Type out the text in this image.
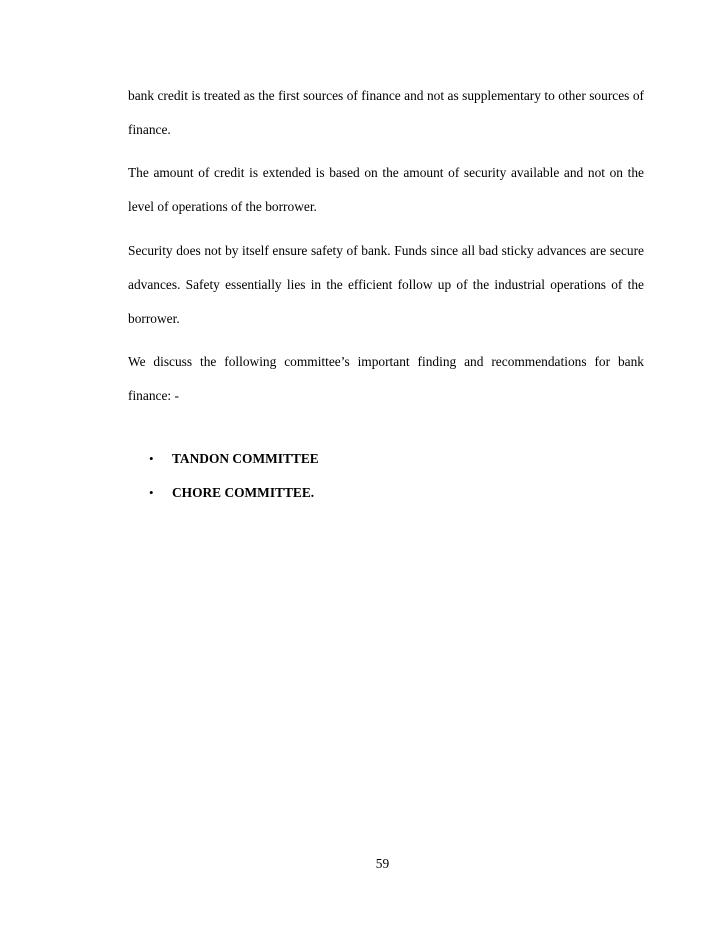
bank credit is treated as the first sources of finance and not as supplementary to other sources of finance.

The amount of credit is extended is based on the amount of security available and not on the level of operations of the borrower.

Security does not by itself ensure safety of bank. Funds since all bad sticky advances are secure advances. Safety essentially lies in the efficient follow up of the industrial operations of the borrower.

We discuss the following committee’s important finding and recommendations for bank finance: -

•	TANDON COMMITTEE
•	CHORE COMMITTEE.
59
